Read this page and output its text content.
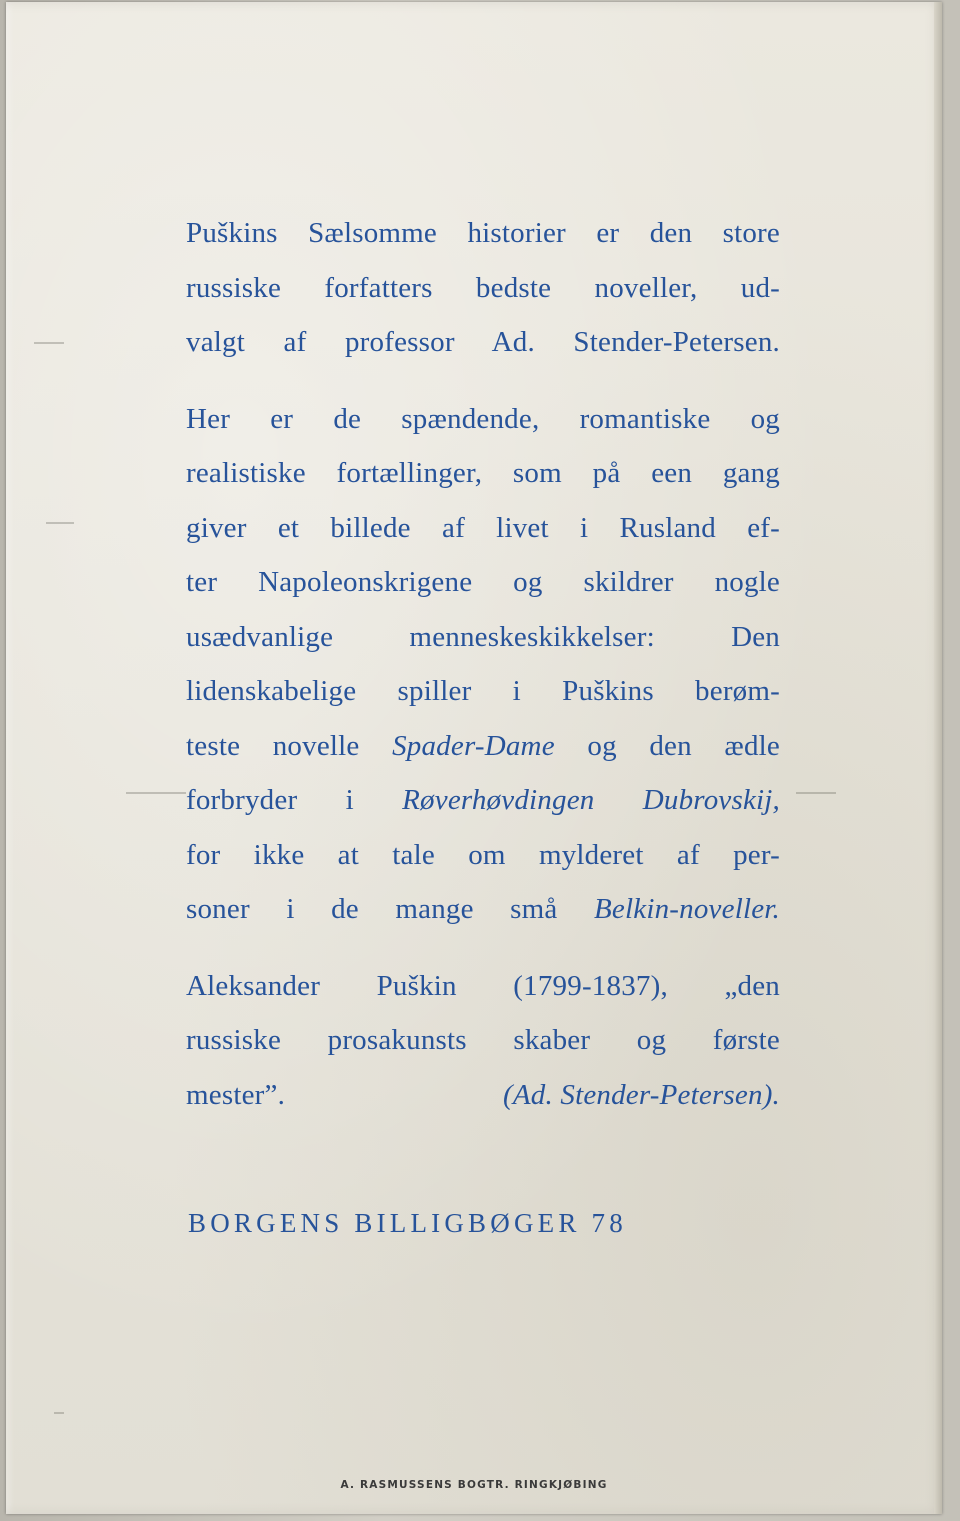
Puškins Sælsomme historier er den store
russiske forfatters bedste noveller, ud-
valgt af professor Ad. Stender-Petersen.

Her er de spændende, romantiske og
realistiske fortællinger, som på een gang
giver et billede af livet i Rusland ef-
ter Napoleonskrigene og skildrer nogle
usædvanlige menneskeskikkelser: Den
lidenskabelige spiller i Puškins berøm-
teste novelle Spader-Dame og den ædle
forbryder i Røverhøvdingen Dubrovskij,
for ikke at tale om mylderet af per-
soner i de mange små Belkin-noveller.

Aleksander Puškin (1799-1837), „den
russiske prosakunsts skaber og første
mester”.	(Ad. Stender-Petersen).

BORGENS BILLIGBØGER 78
A. RASMUSSENS BOGTR. RINGKJØBING
